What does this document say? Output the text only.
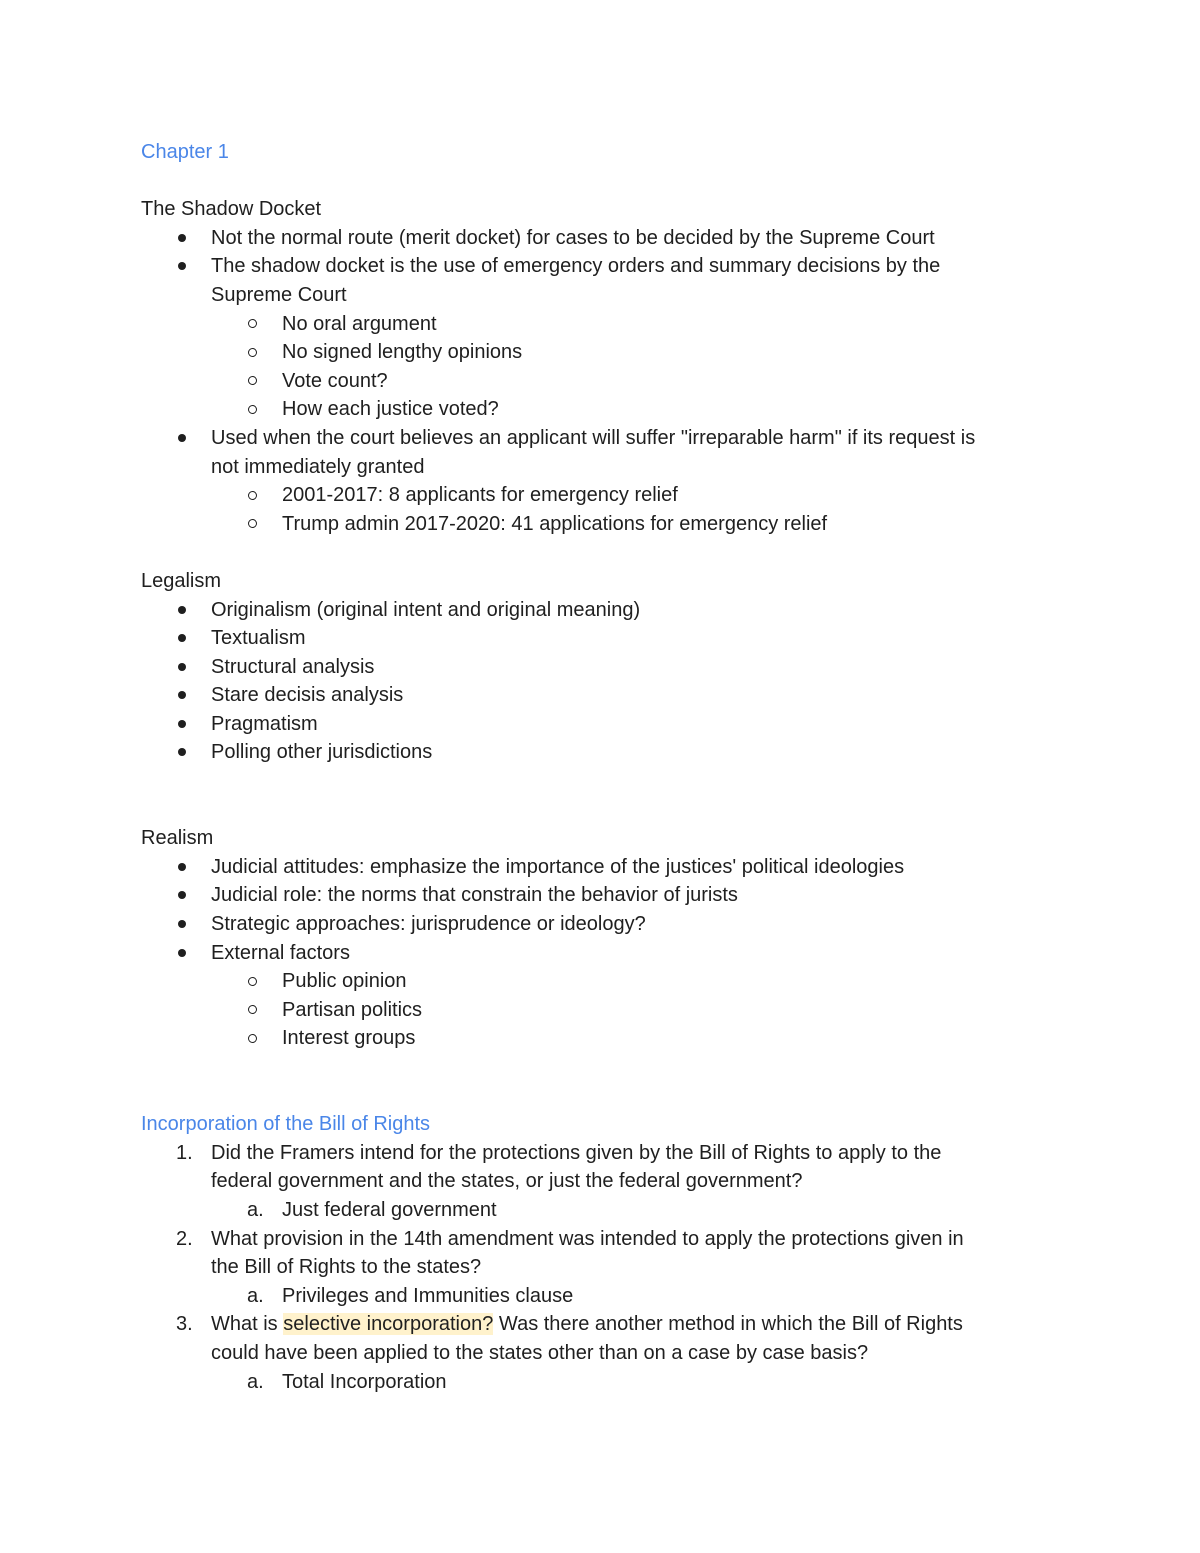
Chapter 1
The Shadow Docket
Not the normal route (merit docket) for cases to be decided by the Supreme Court
The shadow docket is the use of emergency orders and summary decisions by the
Supreme Court
No oral argument
No signed lengthy opinions
Vote count?
How each justice voted?
Used when the court believes an applicant will suffer "irreparable harm" if its request is
not immediately granted
2001-2017: 8 applicants for emergency relief
Trump admin 2017-2020: 41 applications for emergency relief
Legalism
Originalism (original intent and original meaning)
Textualism
Structural analysis
Stare decisis analysis
Pragmatism
Polling other jurisdictions
Realism
Judicial attitudes: emphasize the importance of the justices' political ideologies
Judicial role: the norms that constrain the behavior of jurists
Strategic approaches: jurisprudence or ideology?
External factors
Public opinion
Partisan politics
Interest groups
Incorporation of the Bill of Rights
1. Did the Framers intend for the protections given by the Bill of Rights to apply to the
federal government and the states, or just the federal government?
a. Just federal government
2. What provision in the 14th amendment was intended to apply the protections given in
the Bill of Rights to the states?
a. Privileges and Immunities clause
3. What is selective incorporation? Was there another method in which the Bill of Rights
could have been applied to the states other than on a case by case basis?
a. Total Incorporation
